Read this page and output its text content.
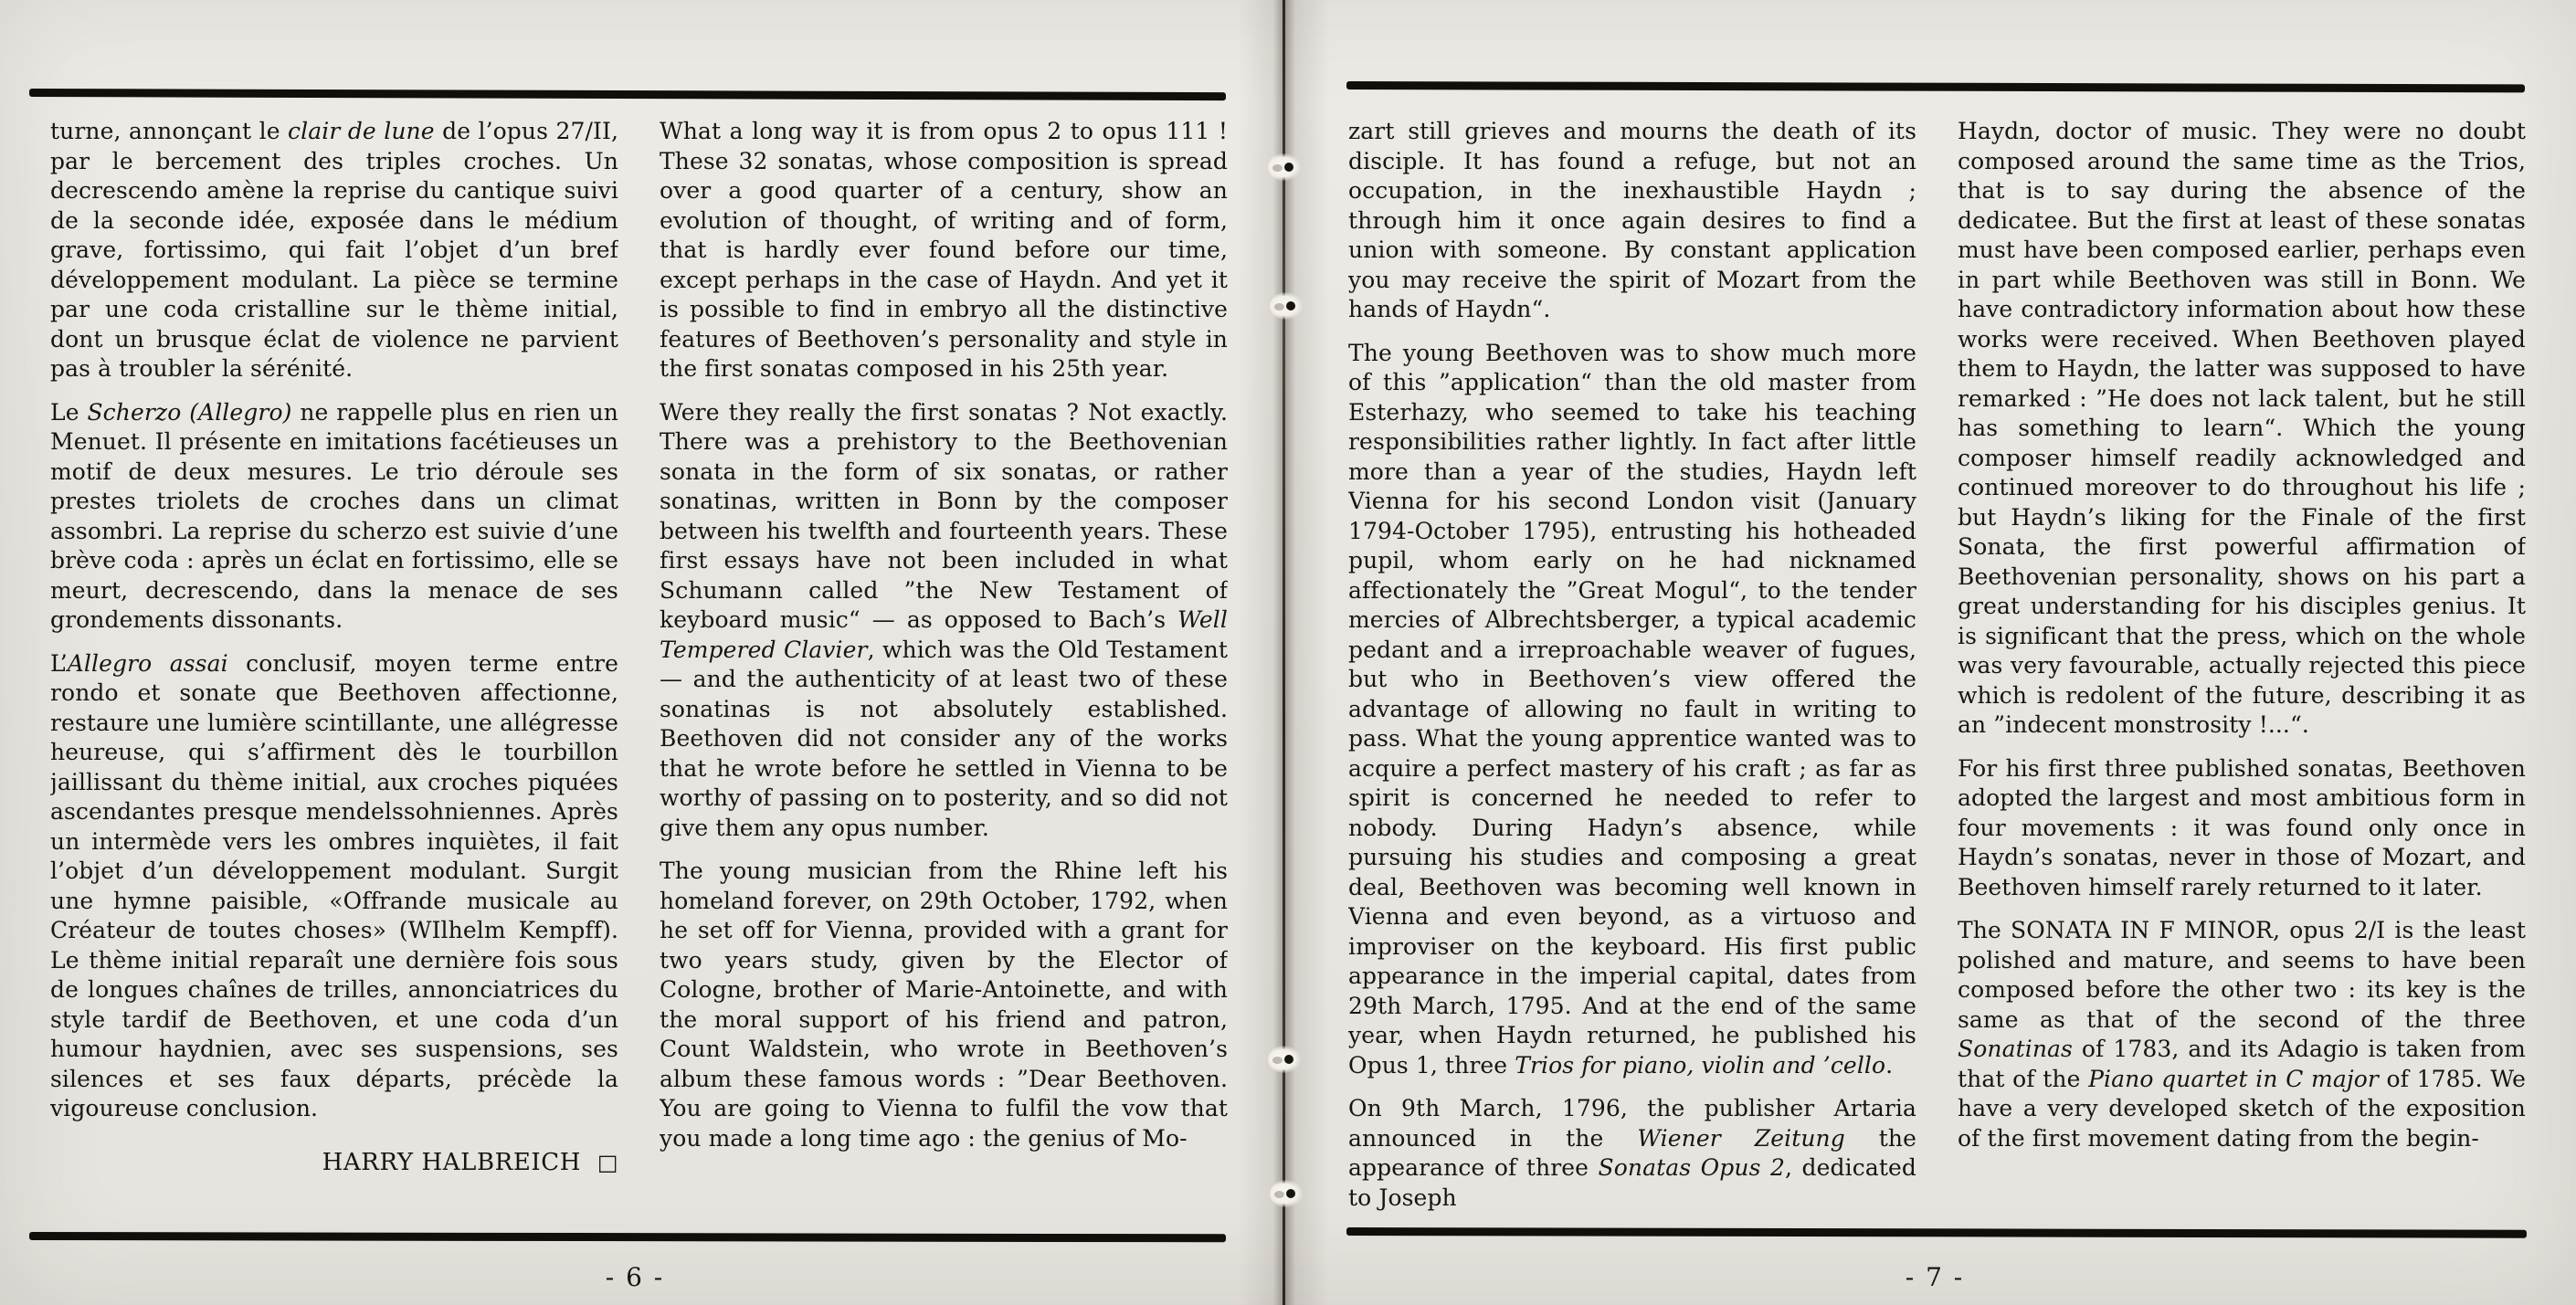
turne, annonçant le clair de lune de l’opus 27/II, par le bercement des triples croches. Un decrescendo amène la reprise du cantique suivi de la seconde idée, exposée dans le médium grave, fortissimo, qui fait l’objet d’un bref développement modulant. La pièce se termine par une coda cristalline sur le thème initial, dont un brusque éclat de violence ne parvient pas à troubler la sérénité.

Le Scherzo (Allegro) ne rappelle plus en rien un Menuet. Il présente en imitations facétieuses un motif de deux mesures. Le trio déroule ses prestes triolets de croches dans un climat assombri. La reprise du scherzo est suivie d’une brève coda : après un éclat en fortissimo, elle se meurt, decrescendo, dans la menace de ses grondements dissonants.

L’Allegro assai conclusif, moyen terme entre rondo et sonate que Beethoven affectionne, restaure une lumière scintillante, une allégresse heureuse, qui s’affirment dès le tourbillon jaillissant du thème initial, aux croches piquées ascendantes presque mendelssohniennes. Après un intermède vers les ombres inquiètes, il fait l’objet d’un développement modulant. Surgit une hymne paisible, «Offrande musicale au Créateur de toutes choses» (WIlhelm Kempff). Le thème initial reparaît une dernière fois sous de longues chaînes de trilles, annonciatrices du style tardif de Beethoven, et une coda d’un humour haydnien, avec ses suspensions, ses silences et ses faux départs, précède la vigoureuse conclusion.

HARRY HALBREICH  □

What a long way it is from opus 2 to opus 111 ! These 32 sonatas, whose composition is spread over a good quarter of a century, show an evolution of thought, of writing and of form, that is hardly ever found before our time, except perhaps in the case of Haydn. And yet it is possible to find in embryo all the distinctive features of Beethoven’s personality and style in the first sonatas composed in his 25th year.

Were they really the first sonatas ? Not exactly. There was a prehistory to the Beethovenian sonata in the form of six sonatas, or rather sonatinas, written in Bonn by the composer between his twelfth and fourteenth years. These first essays have not been included in what Schumann called ”the New Testament of keyboard music“ — as opposed to Bach’s Well Tempered Clavier, which was the Old Testament — and the authenticity of at least two of these sonatinas is not absolutely established. Beethoven did not consider any of the works that he wrote before he settled in Vienna to be worthy of passing on to posterity, and so did not give them any opus number.

The young musician from the Rhine left his homeland forever, on 29th October, 1792, when he set off for Vienna, provided with a grant for two years study, given by the Elector of Cologne, brother of Marie-Antoinette, and with the moral support of his friend and patron, Count Waldstein, who wrote in Beethoven’s album these famous words : ”Dear Beethoven. You are going to Vienna to fulfil the vow that you made a long time ago : the genius of Mo-

- 6 -

zart still grieves and mourns the death of its disciple. It has found a refuge, but not an occupation, in the inexhaustible Haydn ; through him it once again desires to find a union with someone. By constant application you may receive the spirit of Mozart from the hands of Haydn“.

The young Beethoven was to show much more of this ”application“ than the old master from Esterhazy, who seemed to take his teaching responsibilities rather lightly. In fact after little more than a year of the studies, Haydn left Vienna for his second London visit (January 1794-October 1795), entrusting his hotheaded pupil, whom early on he had nicknamed affectionately the ”Great Mogul“, to the tender mercies of Albrechtsberger, a typical academic pedant and a irreproachable weaver of fugues, but who in Beethoven’s view offered the advantage of allowing no fault in writing to pass. What the young apprentice wanted was to acquire a perfect mastery of his craft ; as far as spirit is concerned he needed to refer to nobody. During Hadyn’s absence, while pursuing his studies and composing a great deal, Beethoven was becoming well known in Vienna and even beyond, as a virtuoso and improviser on the keyboard. His first public appearance in the imperial capital, dates from 29th March, 1795. And at the end of the same year, when Haydn returned, he published his Opus 1, three Trios for piano, violin and ’cello.

On 9th March, 1796, the publisher Artaria announced in the Wiener Zeitung the appearance of three Sonatas Opus 2, dedicated to Joseph

Haydn, doctor of music. They were no doubt composed around the same time as the Trios, that is to say during the absence of the dedicatee. But the first at least of these sonatas must have been composed earlier, perhaps even in part while Beethoven was still in Bonn. We have contradictory information about how these works were received. When Beethoven played them to Haydn, the latter was supposed to have remarked : ”He does not lack talent, but he still has something to learn“. Which the young composer himself readily acknowledged and continued moreover to do throughout his life ; but Haydn’s liking for the Finale of the first Sonata, the first powerful affirmation of Beethovenian personality, shows on his part a great understanding for his disciples genius. It is significant that the press, which on the whole was very favourable, actually rejected this piece which is redolent of the future, describing it as an ”indecent monstrosity !...“.

For his first three published sonatas, Beethoven adopted the largest and most ambitious form in four movements : it was found only once in Haydn’s sonatas, never in those of Mozart, and Beethoven himself rarely returned to it later.

The SONATA IN F MINOR, opus 2/I is the least polished and mature, and seems to have been composed before the other two : its key is the same as that of the second of the three Sonatinas of 1783, and its Adagio is taken from that of the Piano quartet in C major of 1785. We have a very developed sketch of the exposition of the first movement dating from the begin-

- 7 -
